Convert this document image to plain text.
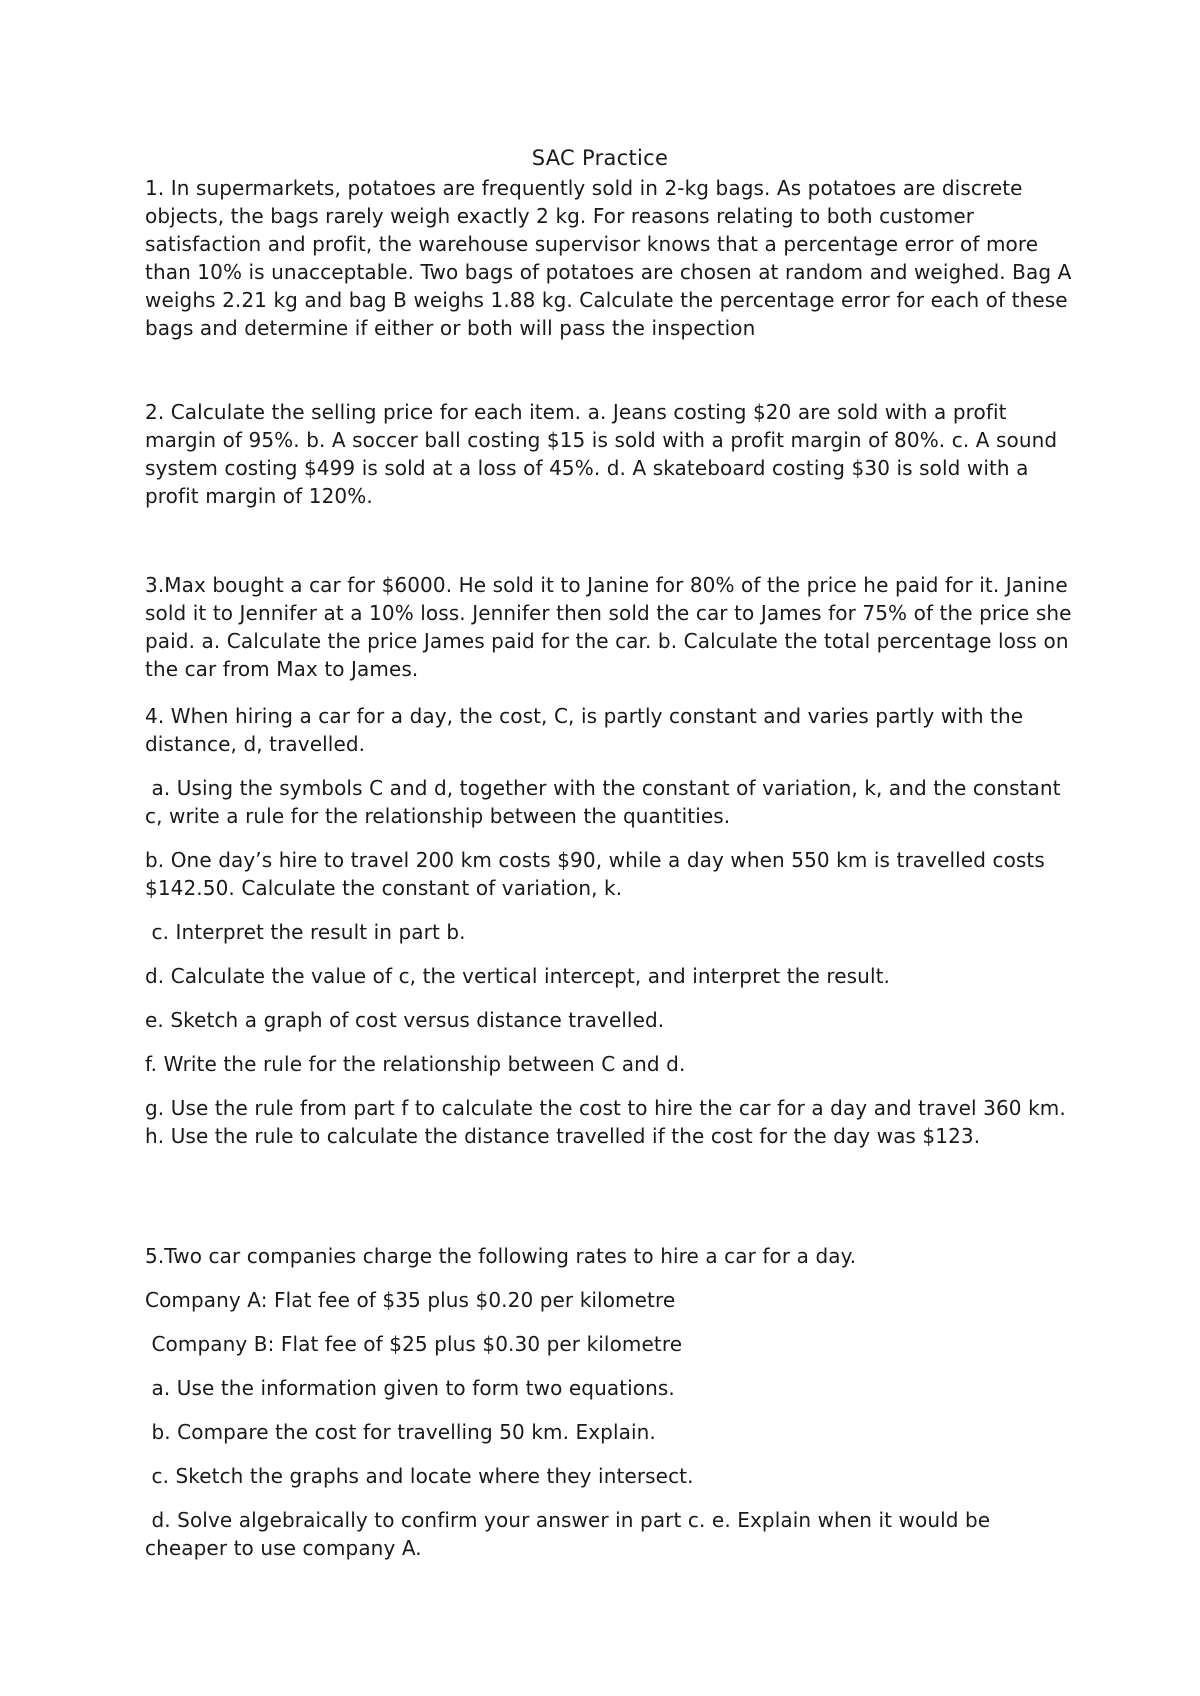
SAC Practice

1. In supermarkets, potatoes are frequently sold in 2-kg bags. As potatoes are discrete objects, the bags rarely weigh exactly 2 kg. For reasons relating to both customer satisfaction and profit, the warehouse supervisor knows that a percentage error of more than 10% is unacceptable. Two bags of potatoes are chosen at random and weighed. Bag A weighs 2.21 kg and bag B weighs 1.88 kg. Calculate the percentage error for each of these bags and determine if either or both will pass the inspection

2. Calculate the selling price for each item. a. Jeans costing $20 are sold with a profit margin of 95%. b. A soccer ball costing $15 is sold with a profit margin of 80%. c. A sound system costing $499 is sold at a loss of 45%. d. A skateboard costing $30 is sold with a profit margin of 120%.

3.Max bought a car for $6000. He sold it to Janine for 80% of the price he paid for it. Janine sold it to Jennifer at a 10% loss. Jennifer then sold the car to James for 75% of the price she paid. a. Calculate the price James paid for the car. b. Calculate the total percentage loss on the car from Max to James.

4. When hiring a car for a day, the cost, C, is partly constant and varies partly with the distance, d, travelled.

a. Using the symbols C and d, together with the constant of variation, k, and the constant c, write a rule for the relationship between the quantities.

b. One day’s hire to travel 200 km costs $90, while a day when 550 km is travelled costs $142.50. Calculate the constant of variation, k.

c. Interpret the result in part b.

d. Calculate the value of c, the vertical intercept, and interpret the result.

e. Sketch a graph of cost versus distance travelled.

f. Write the rule for the relationship between C and d.

g. Use the rule from part f to calculate the cost to hire the car for a day and travel 360 km. h. Use the rule to calculate the distance travelled if the cost for the day was $123.

5.Two car companies charge the following rates to hire a car for a day.

Company A: Flat fee of $35 plus $0.20 per kilometre

Company B: Flat fee of $25 plus $0.30 per kilometre

a. Use the information given to form two equations.

b. Compare the cost for travelling 50 km. Explain.

c. Sketch the graphs and locate where they intersect.

d. Solve algebraically to confirm your answer in part c. e. Explain when it would be cheaper to use company A.
